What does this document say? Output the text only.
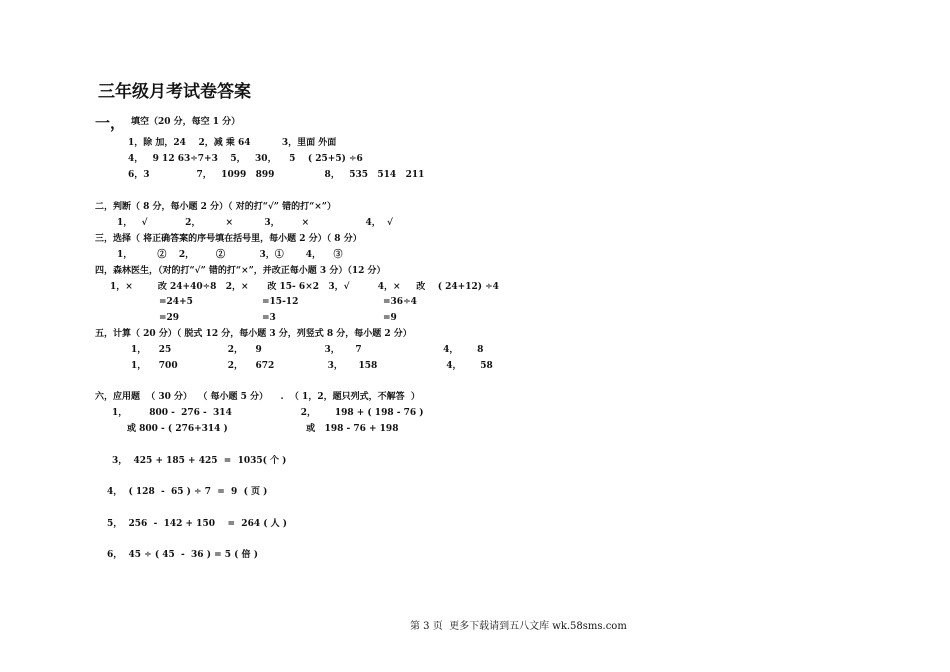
三年级月考试卷答案
一， 填空（20 分，每空 1 分）
1，除 加，24    2，减 乘 64          3，里面 外面
4，   9 12 63÷7+3    5，   30，    5    ( 25+5) ÷6
6，3               7，   1099   899                8，   535   514   211
二，判断（ 8 分，每小题 2 分）（ 对的打“√” 错的打“×”）
1，   √            2，        ×          3，       ×                  4，  √
三，选择（ 将正确答案的序号填在括号里，每小题 2 分）（ 8 分）
1，        ②    2，       ②           3，①       4，    ③
四，森林医生，（对的打“√” 错的打“×”，并改正每小题 3 分）（12 分）
1，×        改 24+40÷8   2，×      改 15- 6×2   3，√         4，×     改    ( 24+12) ÷4
=24+5	=15-12	=36÷4
=29	=3	=9
五，计算（ 20 分）（ 脱式 12 分，每小题 3 分，列竖式 8 分，每小题 2 分）
1，    25                  2，    9                    3，     7                          4，      8
1，    700                2，    672                 3，     158                      4，      58
六，应用题  （ 30 分）  （ 每小题 5 分）    .  （ 1，2，题只列式，不解答  ）
1，       800 -  276 -  314                      2，      198 + ( 198 - 76 )
或 800 - ( 276+314 )                         或   198 - 76 + 198
3，  425 + 185 + 425  =  1035( 个 )
4，  ( 128  -  65 ) ÷ 7  =  9  ( 页 )
5，  256  -  142 + 150    =  264 ( 人 )
6，  45 ÷ ( 45  -  36 ) = 5 ( 倍 )
第 3 页  更多下载请到五八文库 wk.58sms.com
